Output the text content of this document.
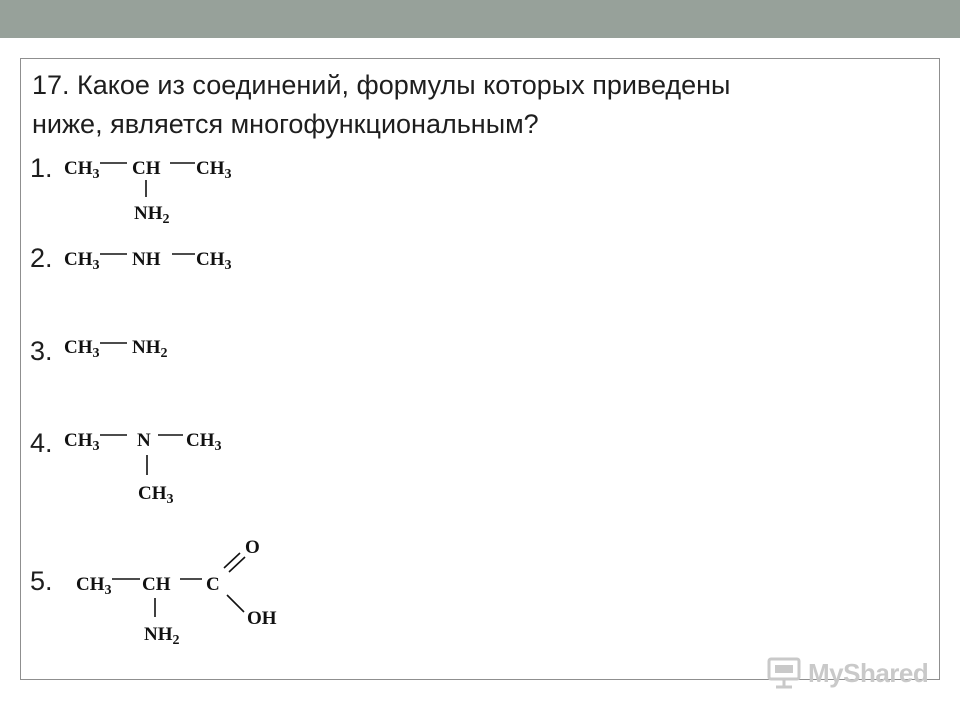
17. Какое из соединений, формулы которых приведены
ниже, является многофункциональным?
1.
2.
3.
4.
5.
$CH_3$ CH $CH_3$
$NH_2$
$CH_3$ NH $CH_3$
$CH_3$ $NH_2$
$CH_3$ N $CH_3$
$CH_3$
$CH_3$ CH C
O
OH
$NH_2$
MyShared
